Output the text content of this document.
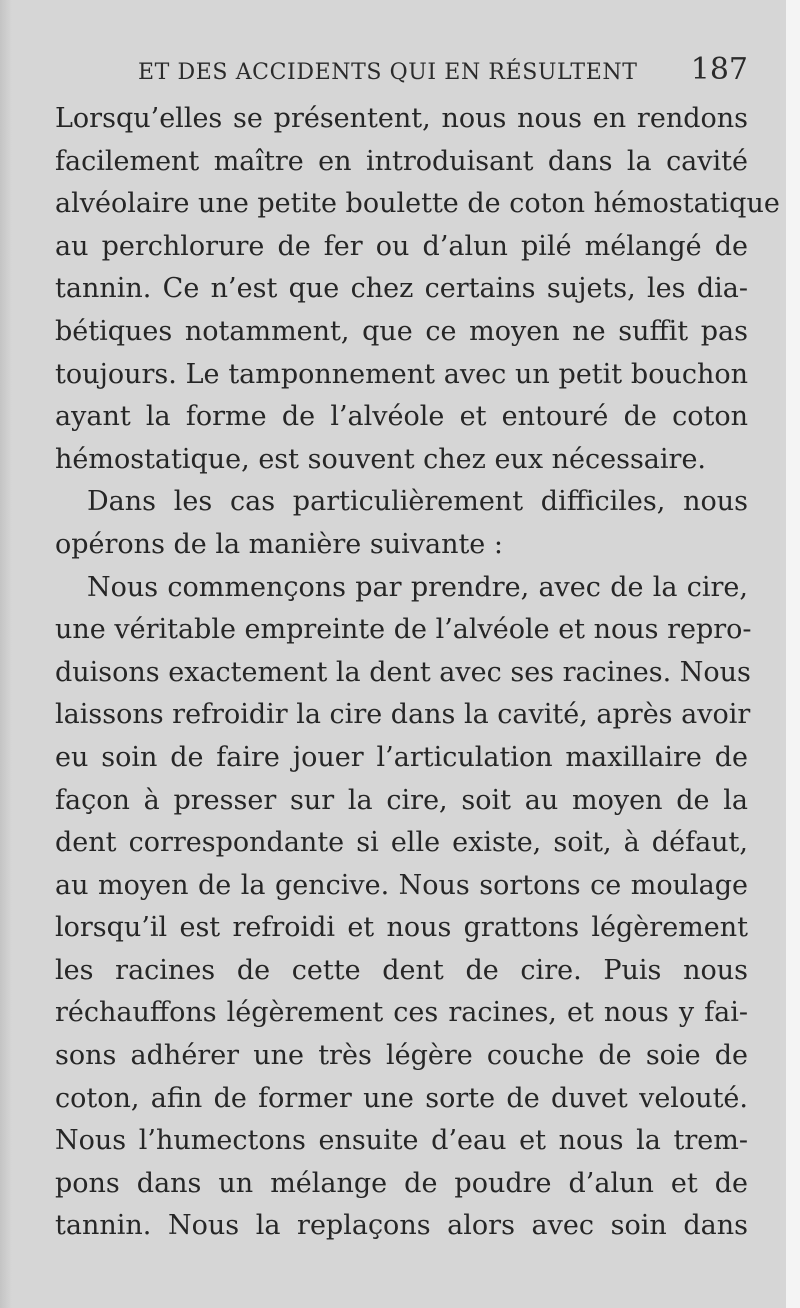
ET DES ACCIDENTS QUI EN RÉSULTENT 187
Lorsqu’elles se présentent, nous nous en rendons
facilement maître en introduisant dans la cavité
alvéolaire une petite boulette de coton hémostatique
au perchlorure de fer ou d’alun pilé mélangé de
tannin. Ce n’est que chez certains sujets, les dia-
bétiques notamment, que ce moyen ne suffit pas
toujours. Le tamponnement avec un petit bouchon
ayant la forme de l’alvéole et entouré de coton
hémostatique, est souvent chez eux nécessaire.
Dans les cas particulièrement difficiles, nous
opérons de la manière suivante :
Nous commençons par prendre, avec de la cire,
une véritable empreinte de l’alvéole et nous repro-
duisons exactement la dent avec ses racines. Nous
laissons refroidir la cire dans la cavité, après avoir
eu soin de faire jouer l’articulation maxillaire de
façon à presser sur la cire, soit au moyen de la
dent correspondante si elle existe, soit, à défaut,
au moyen de la gencive. Nous sortons ce moulage
lorsqu’il est refroidi et nous grattons légèrement
les racines de cette dent de cire. Puis nous
réchauffons légèrement ces racines, et nous y fai-
sons adhérer une très légère couche de soie de
coton, afin de former une sorte de duvet velouté.
Nous l’humectons ensuite d’eau et nous la trem-
pons dans un mélange de poudre d’alun et de
tannin. Nous la replaçons alors avec soin dans
